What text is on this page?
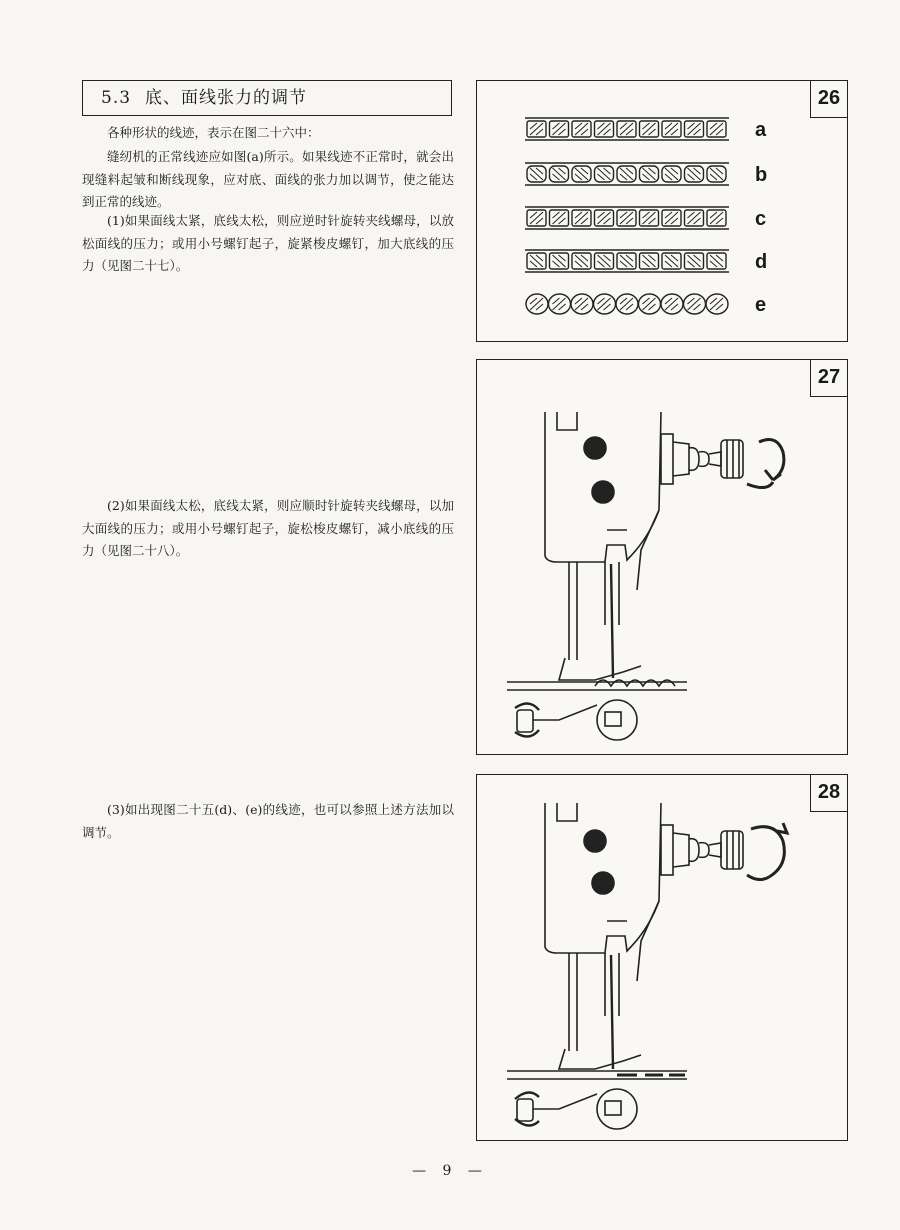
5.3 底、面线张力的调节

各种形状的线迹，表示在图二十六中：

缝纫机的正常线迹应如图(a)所示。如果线迹不正常时，就会出现缝料起皱和断线现象，应对底、面线的张力加以调节，使之能达到正常的线迹。

(1)如果面线太紧，底线太松，则应逆时针旋转夹线螺母，以放松面线的压力；或用小号螺钉起子，旋紧梭皮螺钉，加大底线的压力（见图二十七）。

(2)如果面线太松，底线太紧，则应顺时针旋转夹线螺母，以加大面线的压力；或用小号螺钉起子，旋松梭皮螺钉，减小底线的压力（见图二十八）。

(3)如出现图二十五(d)、(e)的线迹，也可以参照上述方法加以调节。

26
a
b
c
d
e
27
28
— 9 —
